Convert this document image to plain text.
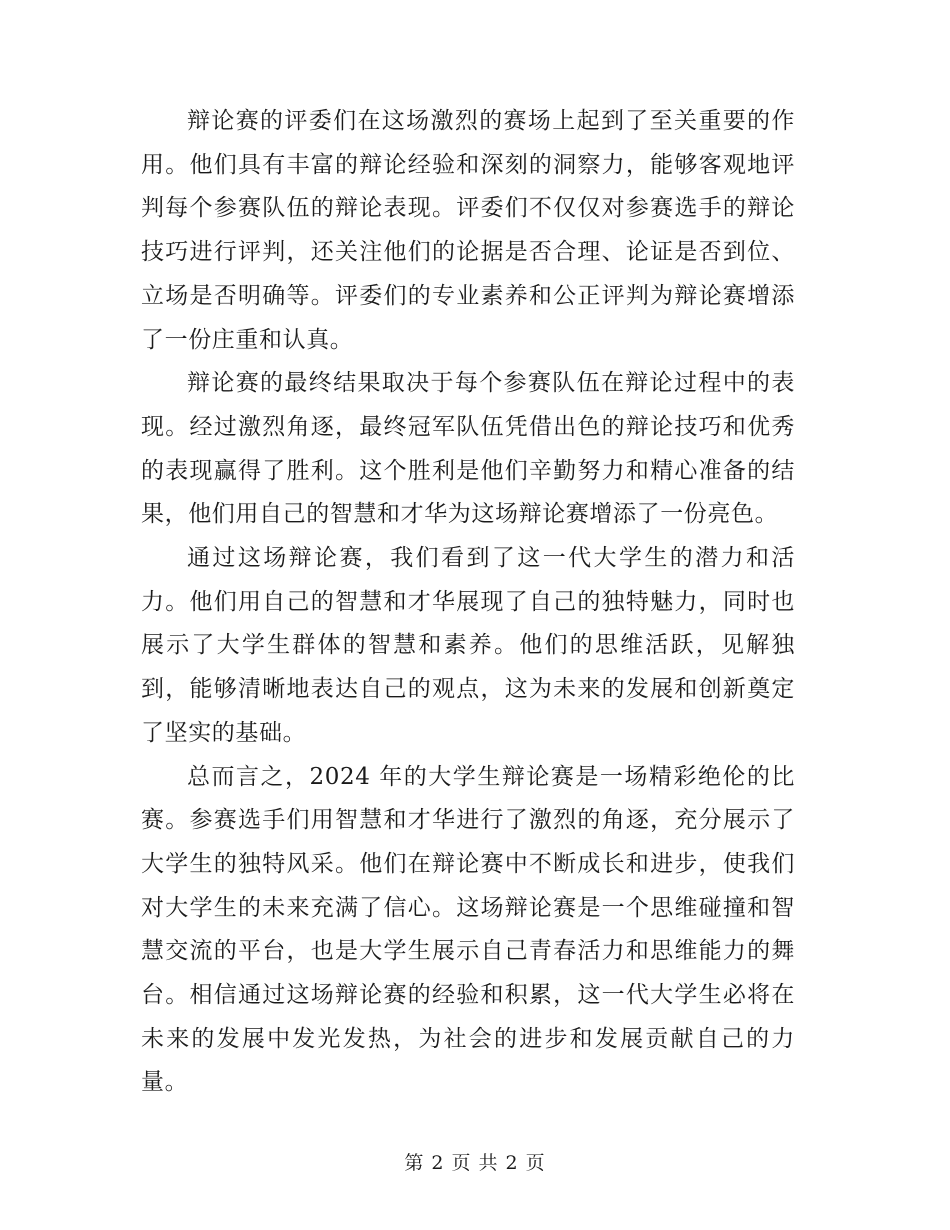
辩论赛的评委们在这场激烈的赛场上起到了至关重要的作用。他们具有丰富的辩论经验和深刻的洞察力，能够客观地评判每个参赛队伍的辩论表现。评委们不仅仅对参赛选手的辩论技巧进行评判，还关注他们的论据是否合理、论证是否到位、立场是否明确等。评委们的专业素养和公正评判为辩论赛增添了一份庄重和认真。

辩论赛的最终结果取决于每个参赛队伍在辩论过程中的表现。经过激烈角逐，最终冠军队伍凭借出色的辩论技巧和优秀的表现赢得了胜利。这个胜利是他们辛勤努力和精心准备的结果，他们用自己的智慧和才华为这场辩论赛增添了一份亮色。

通过这场辩论赛，我们看到了这一代大学生的潜力和活力。他们用自己的智慧和才华展现了自己的独特魅力，同时也展示了大学生群体的智慧和素养。他们的思维活跃，见解独到，能够清晰地表达自己的观点，这为未来的发展和创新奠定了坚实的基础。

总而言之，2024 年的大学生辩论赛是一场精彩绝伦的比赛。参赛选手们用智慧和才华进行了激烈的角逐，充分展示了大学生的独特风采。他们在辩论赛中不断成长和进步，使我们对大学生的未来充满了信心。这场辩论赛是一个思维碰撞和智慧交流的平台，也是大学生展示自己青春活力和思维能力的舞台。相信通过这场辩论赛的经验和积累，这一代大学生必将在未来的发展中发光发热，为社会的进步和发展贡献自己的力量。

第 2 页 共 2 页
